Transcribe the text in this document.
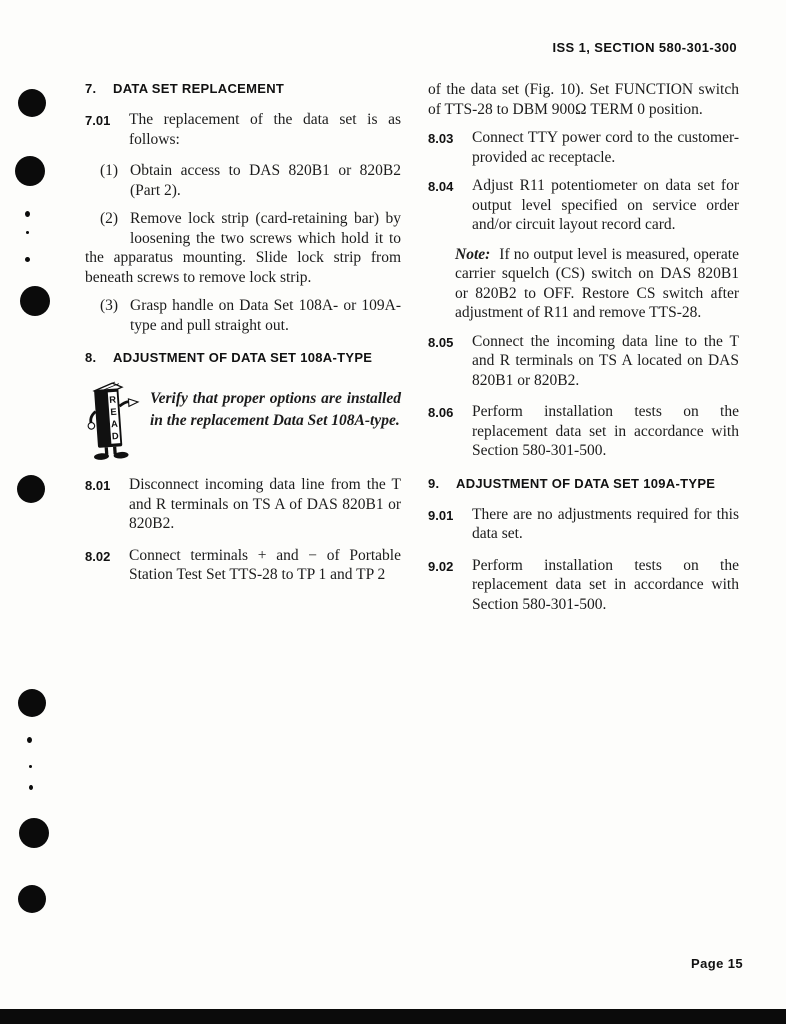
ISS 1, SECTION 580-301-300
7. DATA SET REPLACEMENT

7.01	The replacement of the data set is as follows:

(1) Obtain access to DAS 820B1 or 820B2 (Part 2).
(2) Remove lock strip (card-retaining bar) by loosening the two screws which hold it to the apparatus mounting. Slide lock strip from beneath screws to remove lock strip.
(3) Grasp handle on Data Set 108A- or 109A-type and pull straight out.
8. ADJUSTMENT OF DATA SET 108A-TYPE
R
E
A
D
Verify that proper options are installed in the replacement Data Set 108A-type.

8.01	Disconnect incoming data line from the T and R terminals on TS A of DAS 820B1 or 820B2.

8.02	Connect terminals + and − of Portable Station Test Set TTS-28 to TP 1 and TP 2

of the data set (Fig. 10). Set FUNCTION switch of TTS-28 to DBM 900Ω TERM 0 position.

8.03	Connect TTY power cord to the customer-provided ac receptacle.

8.04	Adjust R11 potentiometer on data set for output level specified on service order and/or circuit layout record card.

Note: If no output level is measured, operate carrier squelch (CS) switch on DAS 820B1 or 820B2 to OFF. Restore CS switch after adjustment of R11 and remove TTS-28.

8.05	Connect the incoming data line to the T and R terminals on TS A located on DAS 820B1 or 820B2.

8.06	Perform installation tests on the replacement data set in accordance with Section 580-301-500.

9. ADJUSTMENT OF DATA SET 109A-TYPE

9.01	There are no adjustments required for this data set.

9.02	Perform installation tests on the replacement data set in accordance with Section 580-301-500.

Page 15
